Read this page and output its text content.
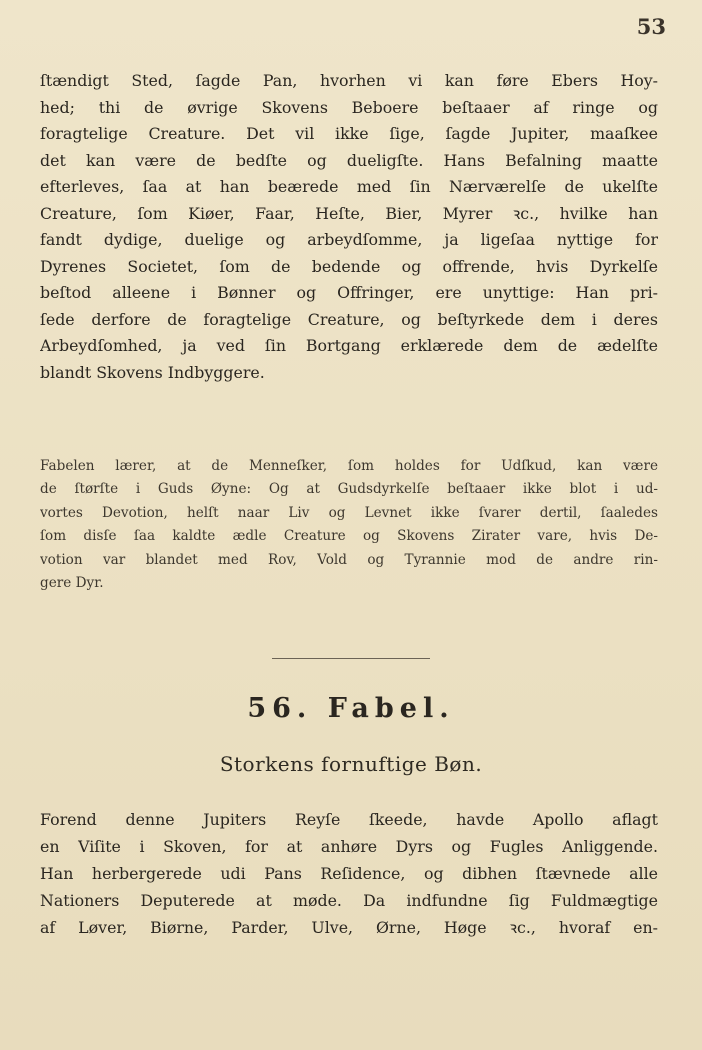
53
ſtændigt Sted, ſagde Pan, hvorhen vi kan føre Ebers Hoy-
hed; thi de øvrige Skovens Beboere beſtaaer af ringe og
foragtelige Creature. Det vil ikke ſige, ſagde Jupiter, maaſkee
det kan være de bedſte og dueligſte. Hans Befalning maatte
efterleves, ſaa at han beærede med ſin Nærværelſe de ukelſte
Creature, ſom Kiøer, Faar, Heſte, Bier, Myrer ꝛc., hvilke han
fandt dydige, duelige og arbeydſomme, ja ligeſaa nyttige for
Dyrenes Societet, ſom de bedende og offrende, hvis Dyrkelſe
beſtod alleene i Bønner og Offringer, ere unyttige: Han pri-
ſede derfore de foragtelige Creature, og beſtyrkede dem i deres
Arbeydſomhed, ja ved ſin Bortgang erklærede dem de ædelſte
blandt Skovens Indbyggere.
Fabelen lærer, at de Menneſker, ſom holdes for Udſkud, kan være
de ſtørſte i Guds Øyne: Og at Gudsdyrkelſe beſtaaer ikke blot i ud-
vortes Devotion, helſt naar Liv og Levnet ikke ſvarer dertil, ſaaledes
ſom disſe ſaa kaldte ædle Creature og Skovens Zirater vare, hvis De-
votion var blandet med Rov, Vold og Tyrannie mod de andre rin-
gere Dyr.
56. Fabel.
Storkens fornuftige Bøn.
Forend denne Jupiters Reyſe ſkeede, havde Apollo aflagt
en Viſite i Skoven, for at anhøre Dyrs og Fugles Anliggende.
Han herbergerede udi Pans Reſidence, og dibhen ſtævnede alle
Nationers Deputerede at møde. Da indfundne ſig Fuldmægtige
af Løver, Biørne, Parder, Ulve, Ørne, Høge ꝛc., hvoraf en-
